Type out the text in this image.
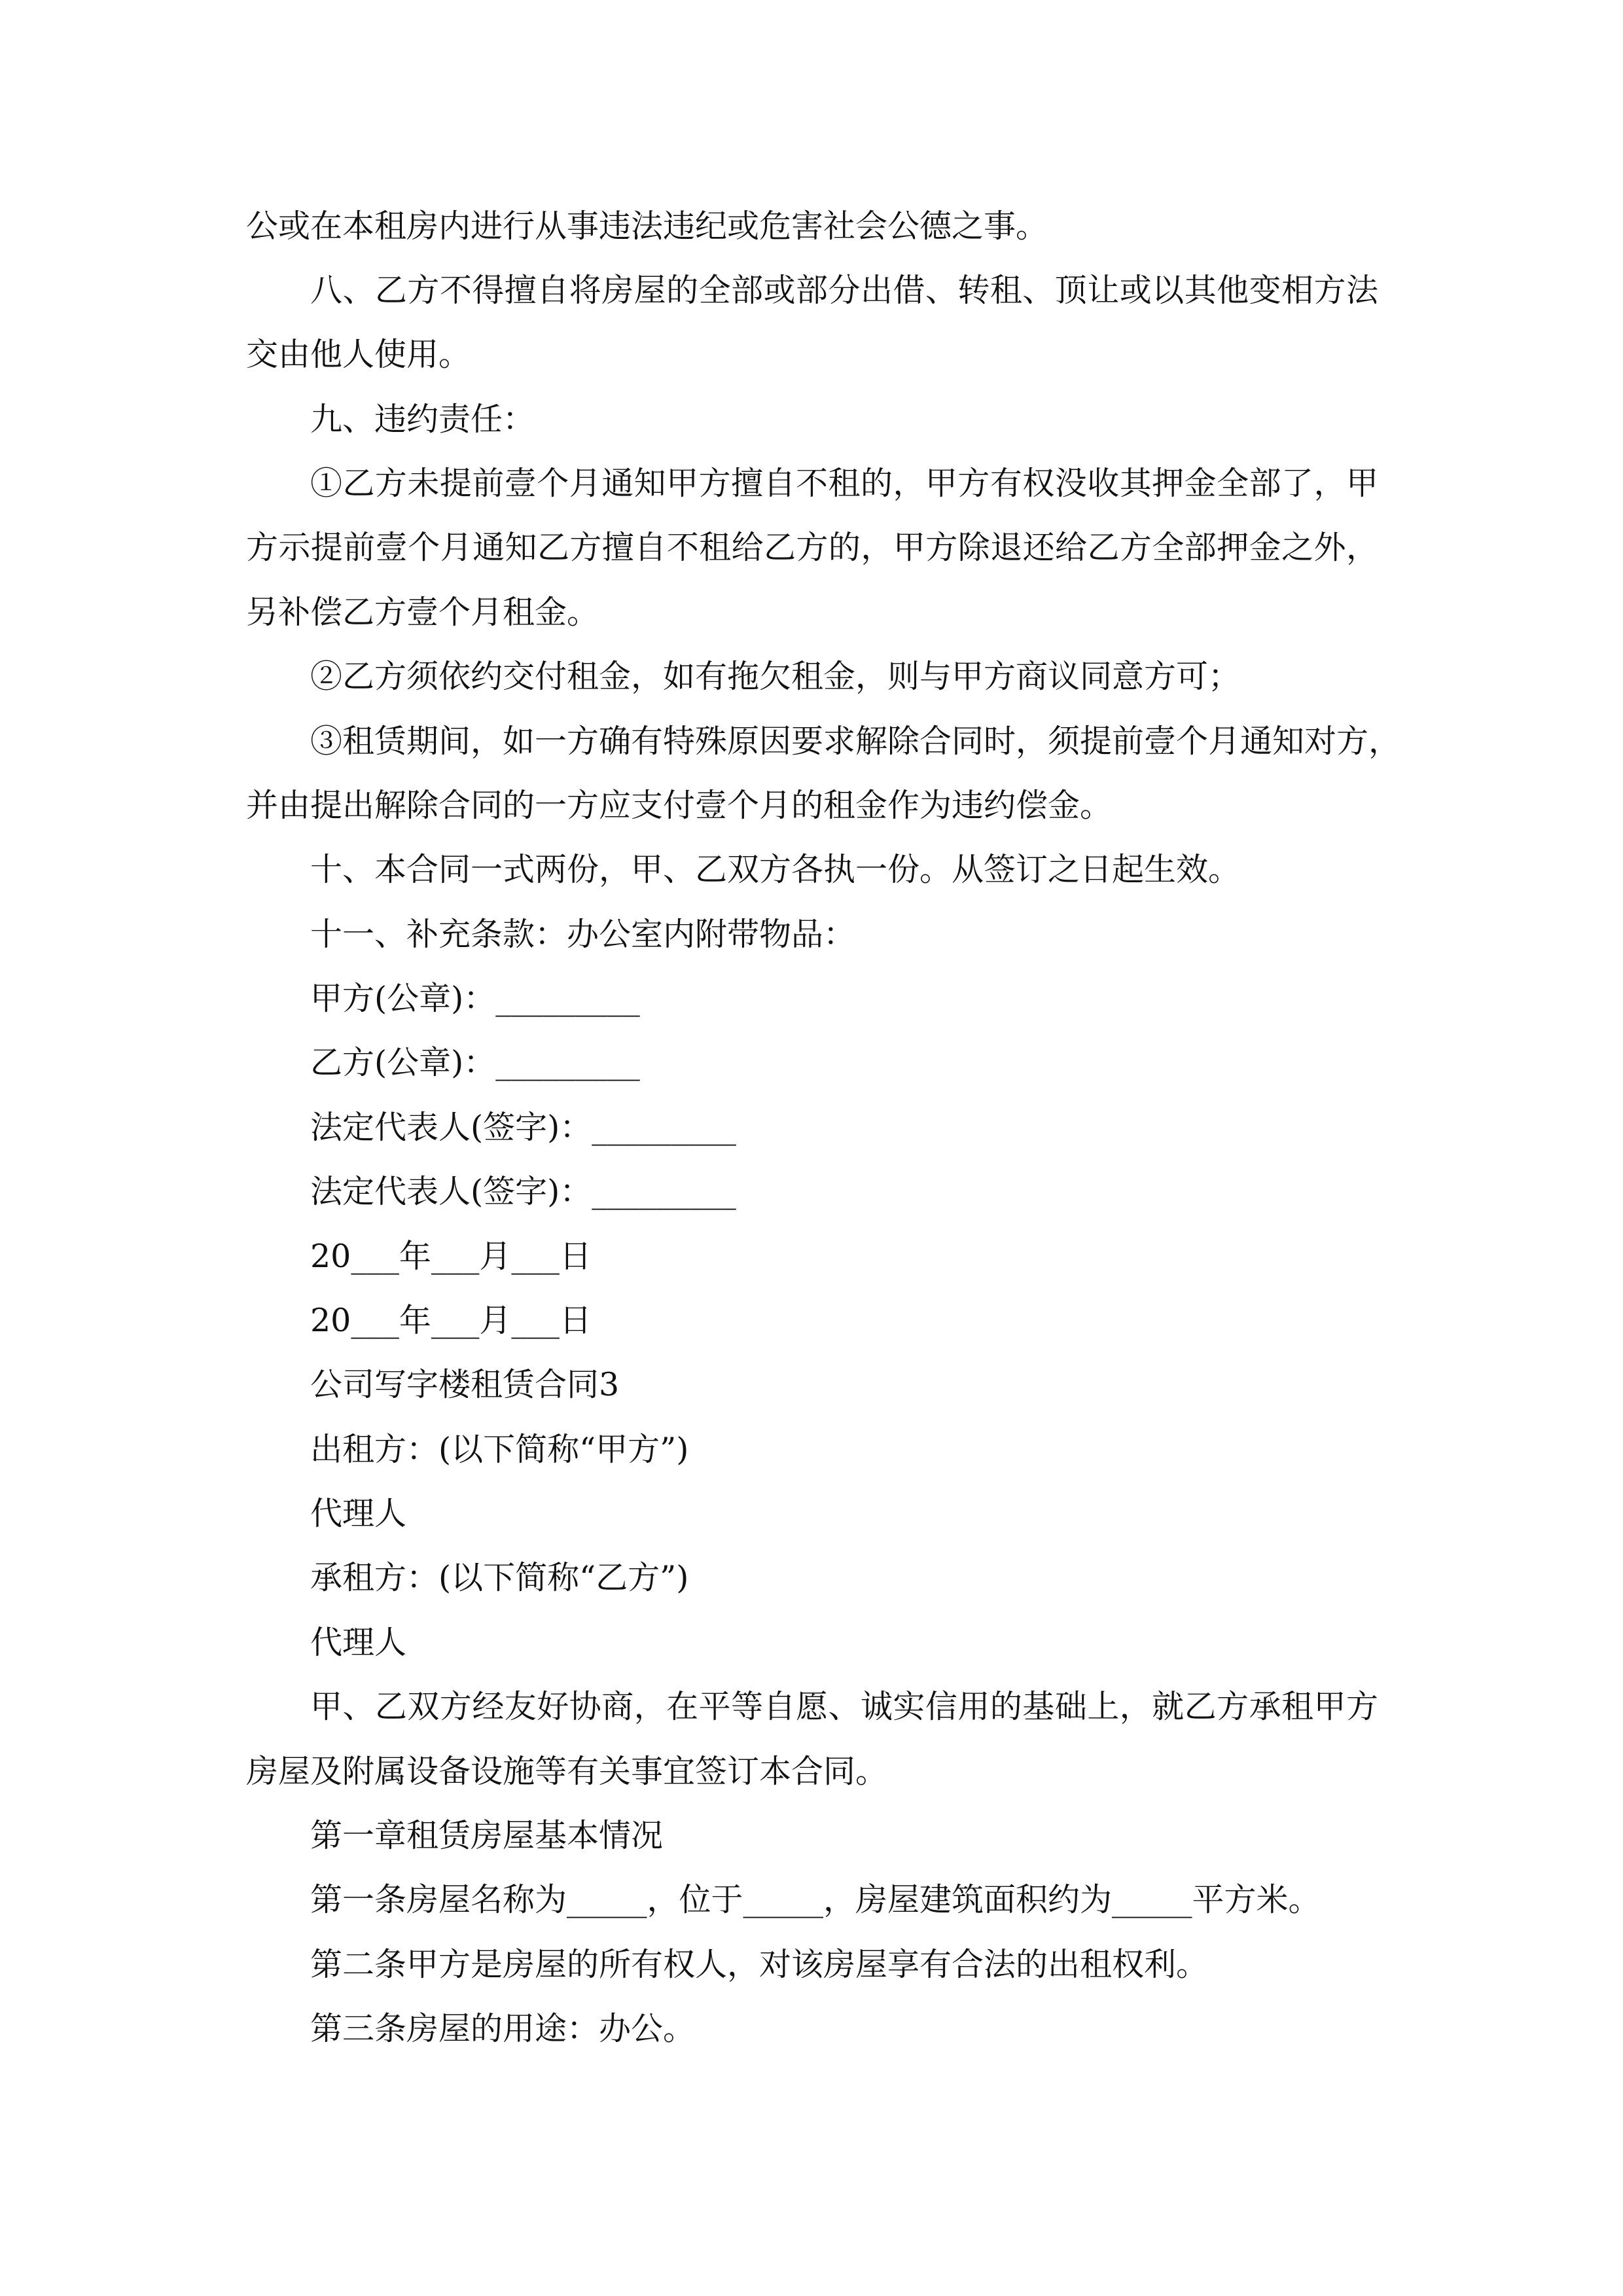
公或在本租房内进行从事违法违纪或危害社会公德之事。

八、乙方不得擅自将房屋的全部或部分出借、转租、顶让或以其他变相方法

交由他人使用。

九、违约责任：

①乙方未提前壹个月通知甲方擅自不租的，甲方有权没收其押金全部了，甲

方示提前壹个月通知乙方擅自不租给乙方的，甲方除退还给乙方全部押金之外，

另补偿乙方壹个月租金。

②乙方须依约交付租金，如有拖欠租金，则与甲方商议同意方可；

③租赁期间，如一方确有特殊原因要求解除合同时，须提前壹个月通知对方，

并由提出解除合同的一方应支付壹个月的租金作为违约偿金。

十、本合同一式两份，甲、乙双方各执一份。从签订之日起生效。

十一、补充条款：办公室内附带物品：

甲方(公章)：_________

乙方(公章)：_________

法定代表人(签字)：_________

法定代表人(签字)：_________

20___年___月___日

20___年___月___日

公司写字楼租赁合同3

出租方：(以下简称“甲方”)

代理人

承租方：(以下简称“乙方”)

代理人

甲、乙双方经友好协商，在平等自愿、诚实信用的基础上，就乙方承租甲方

房屋及附属设备设施等有关事宜签订本合同。

第一章租赁房屋基本情况

第一条房屋名称为_____，位于_____，房屋建筑面积约为_____平方米。

第二条甲方是房屋的所有权人，对该房屋享有合法的出租权利。

第三条房屋的用途：办公。
